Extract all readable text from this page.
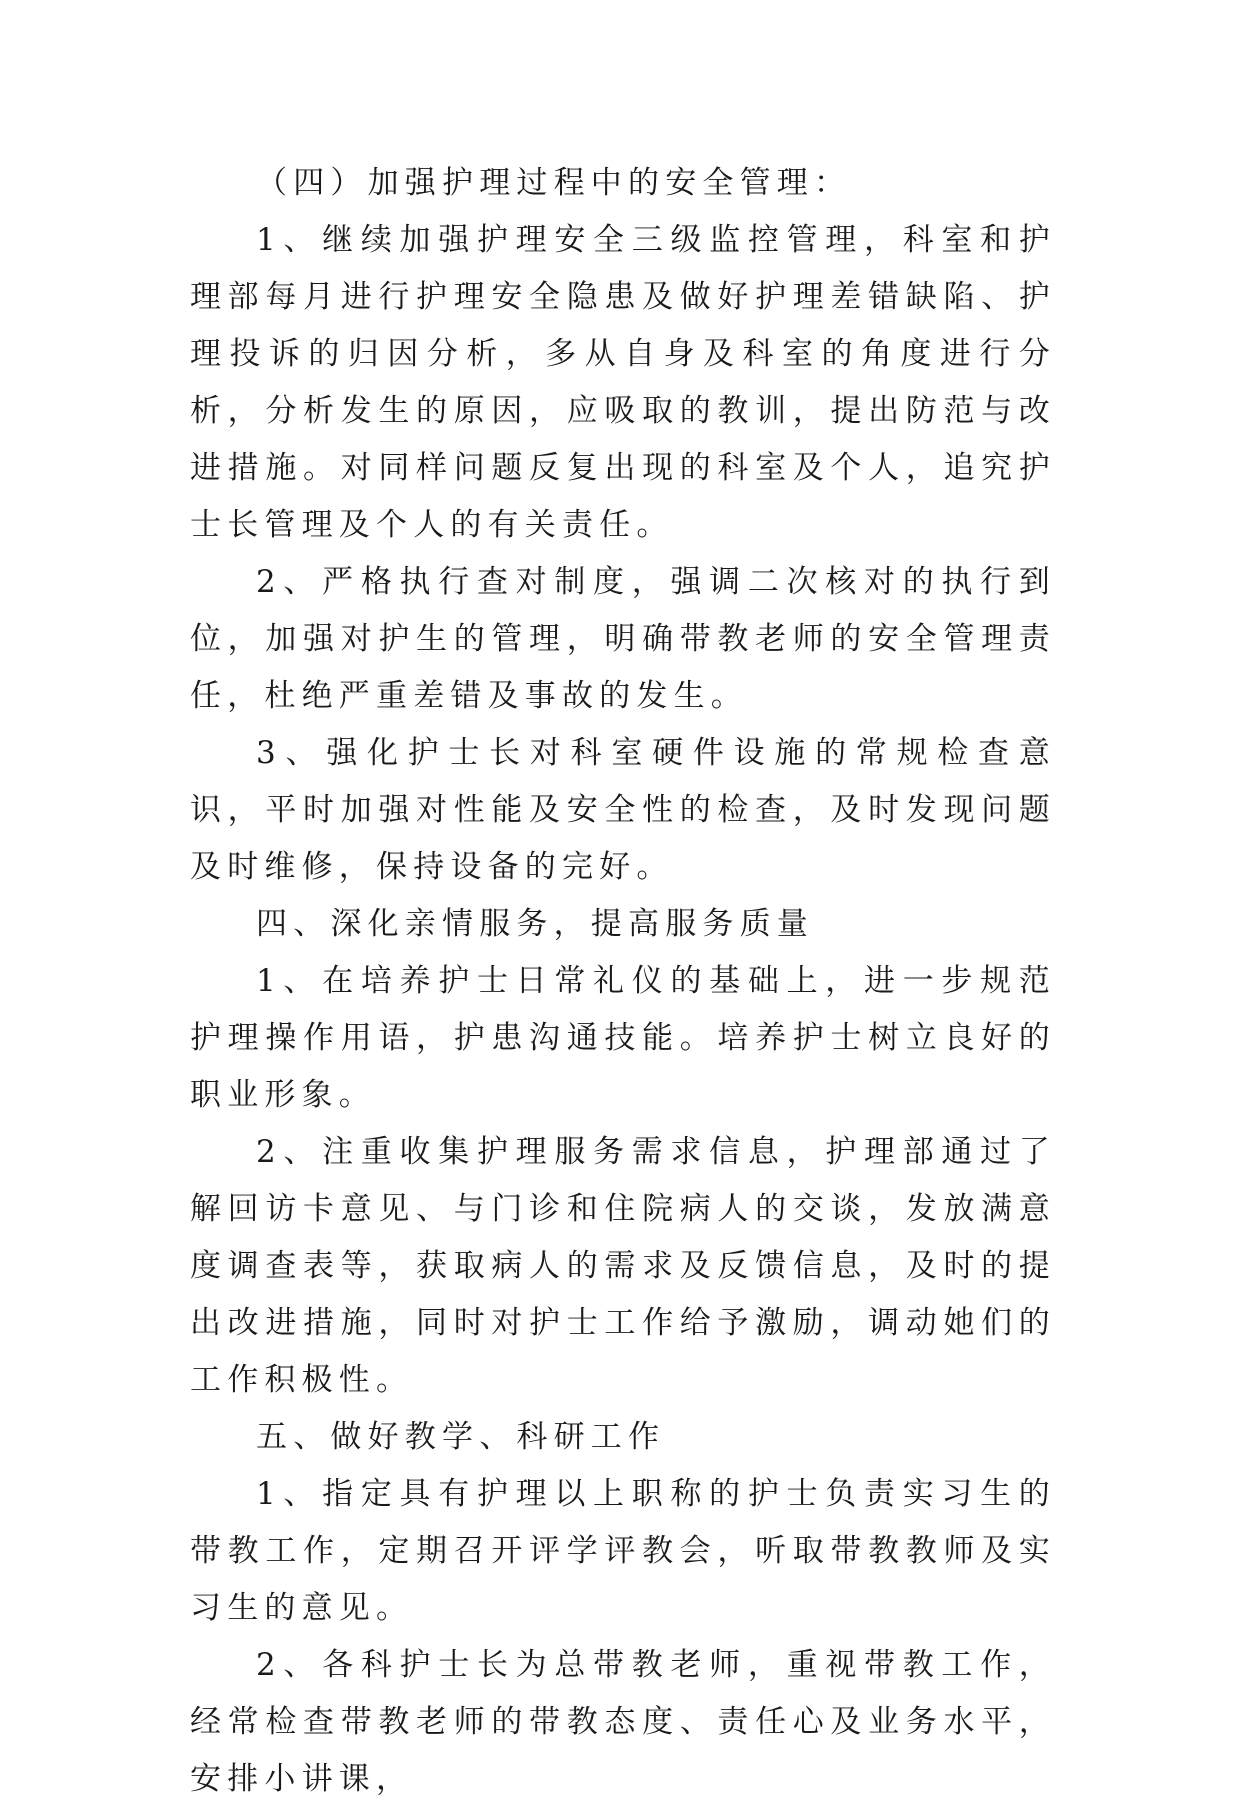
（四）加强护理过程中的安全管理：

1、继续加强护理安全三级监控管理，科室和护理部每月进行护理安全隐患及做好护理差错缺陷、护理投诉的归因分析，多从自身及科室的角度进行分析，分析发生的原因，应吸取的教训，提出防范与改进措施。对同样问题反复出现的科室及个人，追究护士长管理及个人的有关责任。

2、严格执行查对制度，强调二次核对的执行到位，加强对护生的管理，明确带教老师的安全管理责任，杜绝严重差错及事故的发生。

3、强化护士长对科室硬件设施的常规检查意识，平时加强对性能及安全性的检查，及时发现问题及时维修，保持设备的完好。

四、深化亲情服务，提高服务质量

1、在培养护士日常礼仪的基础上，进一步规范护理操作用语，护患沟通技能。培养护士树立良好的职业形象。

2、注重收集护理服务需求信息，护理部通过了解回访卡意见、与门诊和住院病人的交谈，发放满意度调查表等，获取病人的需求及反馈信息，及时的提出改进措施，同时对护士工作给予激励，调动她们的工作积极性。

五、做好教学、科研工作

1、指定具有护理以上职称的护士负责实习生的带教工作，定期召开评学评教会，听取带教教师及实习生的意见。

2、各科护士长为总带教老师，重视带教工作，经常检查带教老师的带教态度、责任心及业务水平，安排小讲课，
